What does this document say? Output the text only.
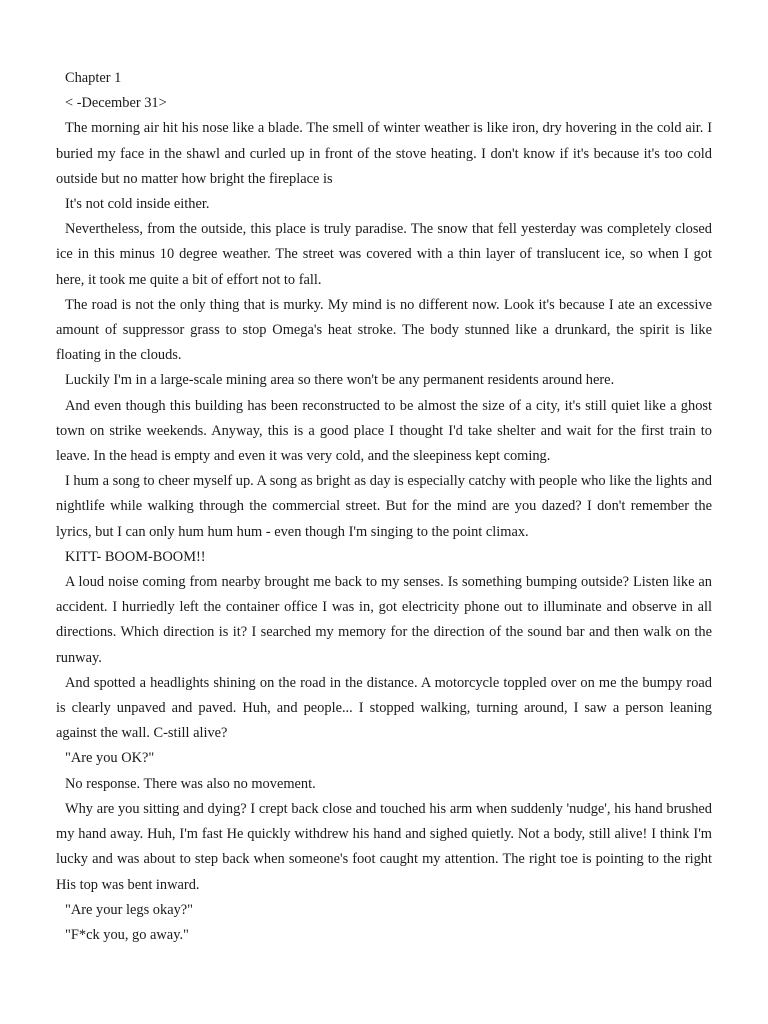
Chapter 1

< -December 31>

The morning air hit his nose like a blade. The smell of winter weather is like iron, dry hovering in the cold air. I buried my face in the shawl and curled up in front of the stove heating. I don't know if it's because it's too cold outside but no matter how bright the fireplace is

It's not cold inside either.

Nevertheless, from the outside, this place is truly paradise. The snow that fell yesterday was completely closed ice in this minus 10 degree weather. The street was covered with a thin layer of translucent ice, so when I got here, it took me quite a bit of effort not to fall.

The road is not the only thing that is murky. My mind is no different now. Look it's because I ate an excessive amount of suppressor grass to stop Omega's heat stroke. The body stunned like a drunkard, the spirit is like floating in the clouds.

Luckily I'm in a large-scale mining area so there won't be any permanent residents around here.

And even though this building has been reconstructed to be almost the size of a city, it's still quiet like a ghost town on strike weekends. Anyway, this is a good place I thought I'd take shelter and wait for the first train to leave. In the head is empty and even it was very cold, and the sleepiness kept coming.

I hum a song to cheer myself up. A song as bright as day is especially catchy with people who like the lights and nightlife while walking through the commercial street. But for the mind are you dazed? I don't remember the lyrics, but I can only hum hum hum - even though I'm singing to the point climax.

KITT- BOOM-BOOM!!

A loud noise coming from nearby brought me back to my senses. Is something bumping outside? Listen like an accident. I hurriedly left the container office I was in, got electricity phone out to illuminate and observe in all directions. Which direction is it? I searched my memory for the direction of the sound bar and then walk on the runway.

And spotted a headlights shining on the road in the distance. A motorcycle toppled over on me the bumpy road is clearly unpaved and paved. Huh, and people... I stopped walking, turning around, I saw a person leaning against the wall. C-still alive?

"Are you OK?"

No response. There was also no movement.

Why are you sitting and dying? I crept back close and touched his arm when suddenly 'nudge', his hand brushed my hand away. Huh, I'm fast He quickly withdrew his hand and sighed quietly. Not a body, still alive! I think I'm lucky and was about to step back when someone's foot caught my attention. The right toe is pointing to the right His top was bent inward.

"Are your legs okay?"

"F*ck you, go away."
